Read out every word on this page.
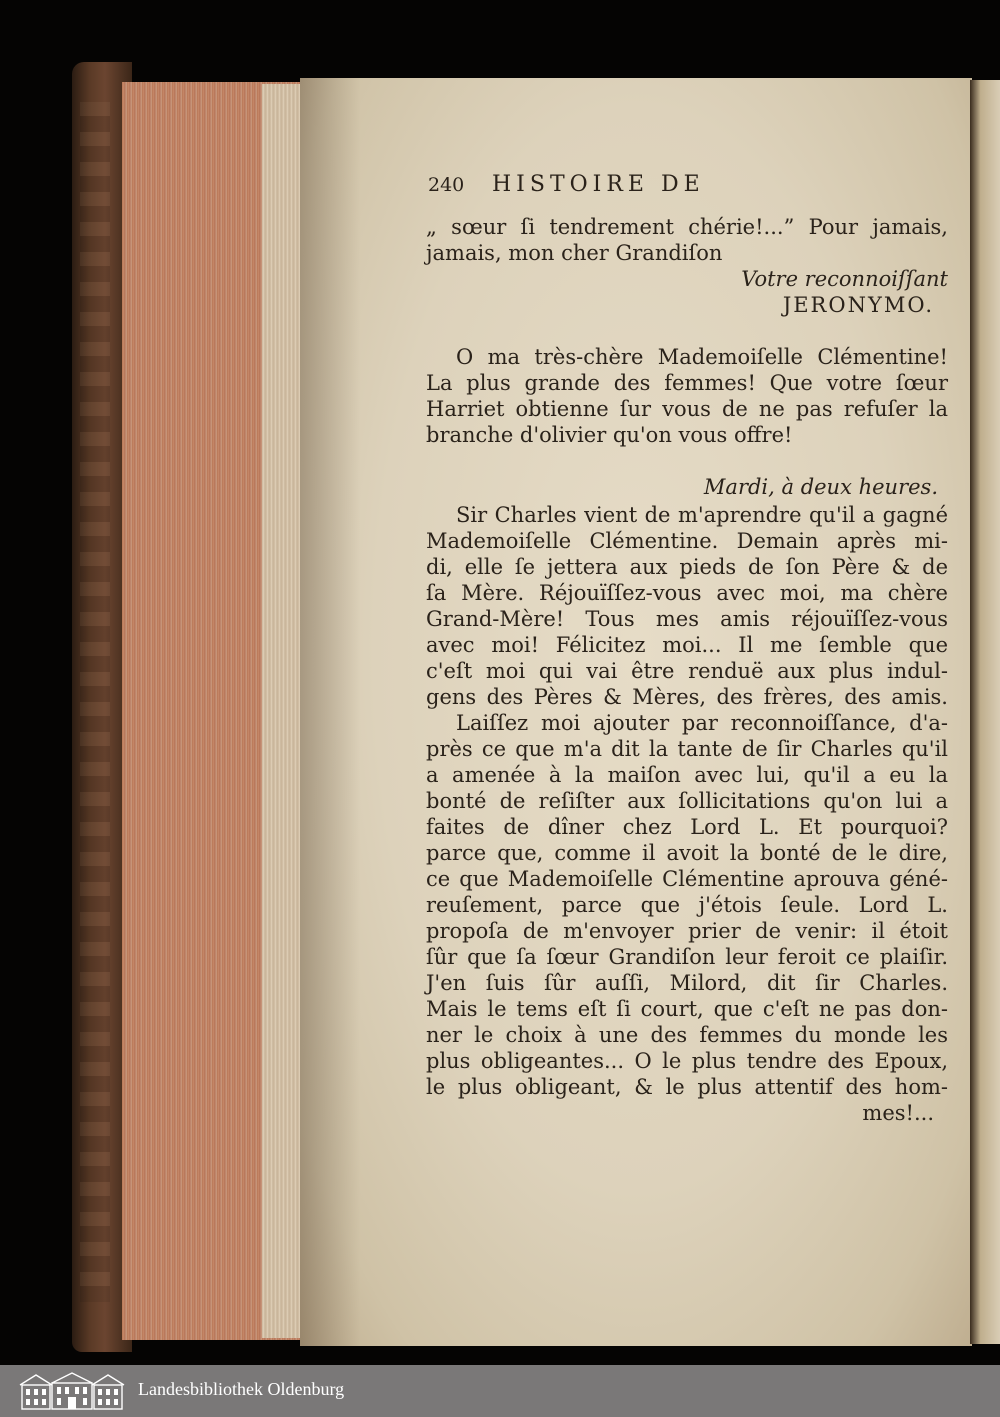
240 HISTOIRE DE
„ sœur ſi tendrement chérie!...” Pour jamais,
jamais, mon cher Grandiſon
Votre reconnoiſſant
JERONYMO.
O ma très-chère Mademoiſelle Clémentine!
La plus grande des femmes! Que votre ſœur
Harriet obtienne ſur vous de ne pas refuſer la
branche d'olivier qu'on vous offre!
Mardi, à deux heures.
Sir Charles vient de m'aprendre qu'il a gagné
Mademoiſelle Clémentine. Demain après mi-
di, elle ſe jettera aux pieds de ſon Père & de
ſa Mère. Réjouïſſez-vous avec moi, ma chère
Grand-Mère! Tous mes amis réjouïſſez-vous
avec moi! Félicitez moi... Il me ſemble que
c'eſt moi qui vai être renduë aux plus indul-
gens des Pères & Mères, des frères, des amis.
Laiſſez moi ajouter par reconnoiſſance, d'a-
près ce que m'a dit la tante de ſir Charles qu'il
a amenée à la maiſon avec lui, qu'il a eu la
bonté de reſiſter aux ſollicitations qu'on lui a
faites de dîner chez Lord L. Et pourquoi?
parce que, comme il avoit la bonté de le dire,
ce que Mademoiſelle Clémentine aprouva géné-
reuſement, parce que j'étois ſeule. Lord L.
propoſa de m'envoyer prier de venir: il étoit
ſûr que ſa ſœur Grandiſon leur feroit ce plaiſir.
J'en ſuis ſûr auſſi, Milord, dit ſir Charles.
Mais le tems eſt ſi court, que c'eſt ne pas don-
ner le choix à une des femmes du monde les
plus obligeantes... O le plus tendre des Epoux,
le plus obligeant, & le plus attentif des hom-
mes!...
Landesbibliothek Oldenburg
